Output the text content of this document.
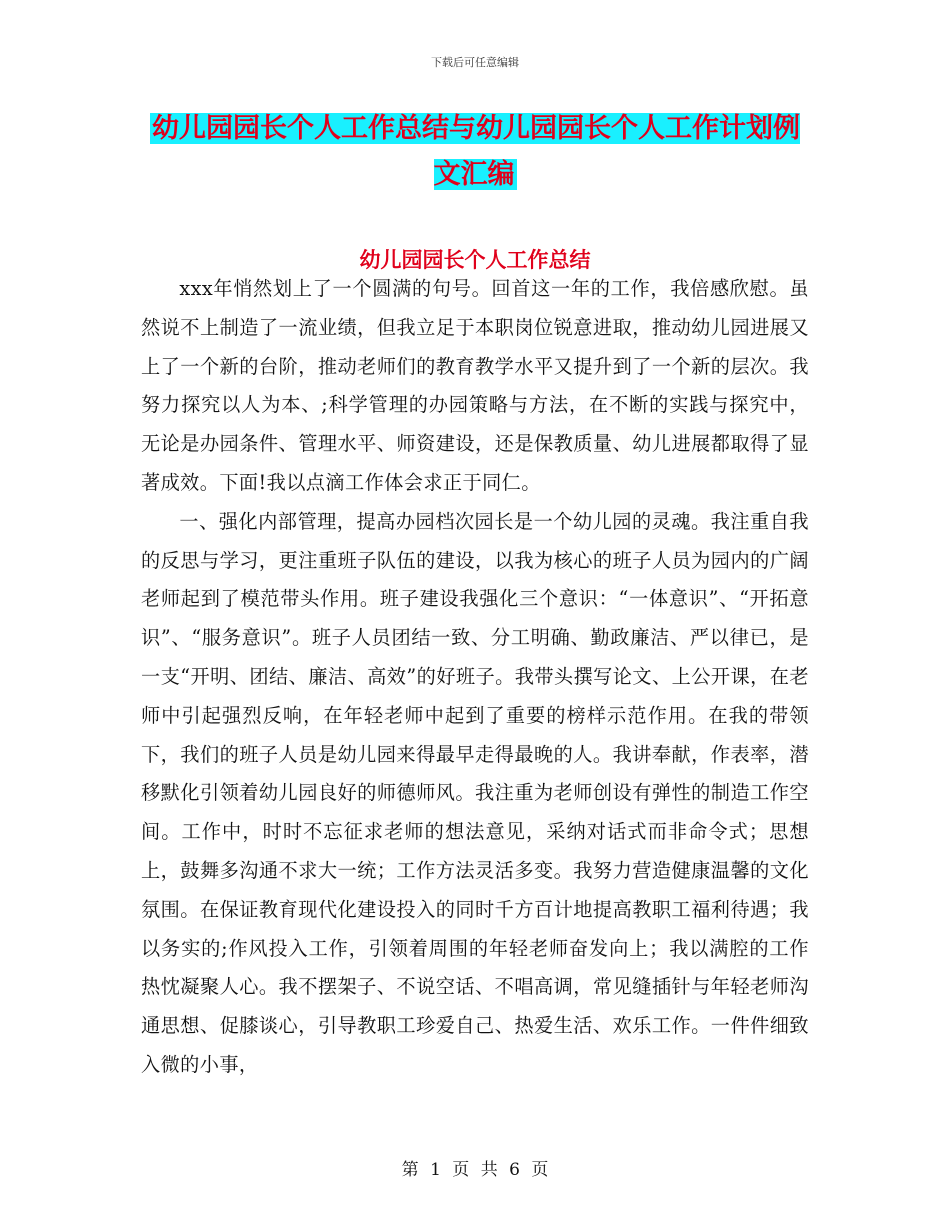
下载后可任意编辑
幼儿园园长个人工作总结与幼儿园园长个人工作计划例文汇编
幼儿园园长个人工作总结

xxx年悄然划上了一个圆满的句号。回首这一年的工作，我倍感欣慰。虽然说不上制造了一流业绩，但我立足于本职岗位锐意进取，推动幼儿园进展又上了一个新的台阶，推动老师们的教育教学水平又提升到了一个新的层次。我努力探究以人为本、;科学管理的办园策略与方法，在不断的实践与探究中，无论是办园条件、管理水平、师资建设，还是保教质量、幼儿进展都取得了显著成效。下面!我以点滴工作体会求正于同仁。

一、强化内部管理，提高办园档次园长是一个幼儿园的灵魂。我注重自我的反思与学习，更注重班子队伍的建设，以我为核心的班子人员为园内的广阔老师起到了模范带头作用。班子建设我强化三个意识：“一体意识”、“开拓意识”、“服务意识”。班子人员团结一致、分工明确、勤政廉洁、严以律已，是一支“开明、团结、廉洁、高效”的好班子。我带头撰写论文、上公开课，在老师中引起强烈反响，在年轻老师中起到了重要的榜样示范作用。在我的带领下，我们的班子人员是幼儿园来得最早走得最晚的人。我讲奉献，作表率，潜移默化引领着幼儿园良好的师德师风。我注重为老师创设有弹性的制造工作空间。工作中，时时不忘征求老师的想法意见，采纳对话式而非命令式；思想上，鼓舞多沟通不求大一统；工作方法灵活多变。我努力营造健康温馨的文化氛围。在保证教育现代化建设投入的同时千方百计地提高教职工福利待遇；我以务实的;作风投入工作，引领着周围的年轻老师奋发向上；我以满腔的工作热忱凝聚人心。我不摆架子、不说空话、不唱高调，常见缝插针与年轻老师沟通思想、促膝谈心，引导教职工珍爱自己、热爱生活、欢乐工作。一件件细致入微的小事，

第 1 页 共 6 页
